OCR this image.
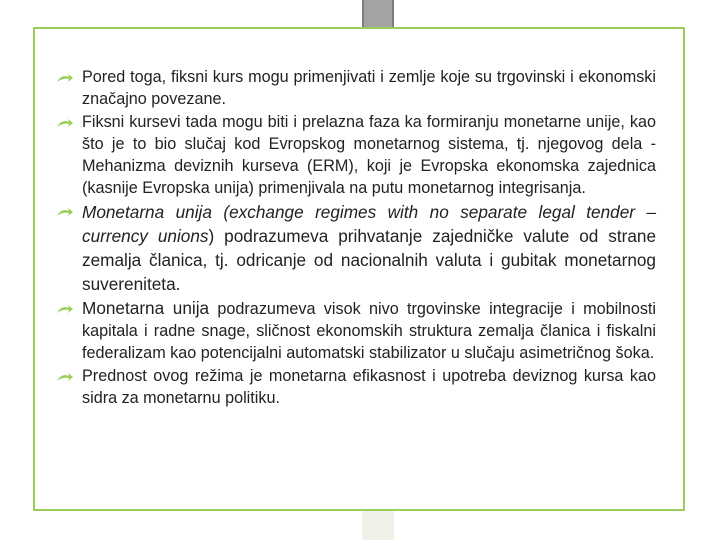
Pored toga, fiksni kurs mogu primenjivati i zemlje koje su trgovinski i ekonomski značajno povezane.

Fiksni kursevi tada mogu biti i prelazna faza ka formiranju monetarne unije, kao što je to bio slučaj kod Evropskog monetarnog sistema, tj. njegovog dela - Mehanizma deviznih kurseva (ERM), koji je Evropska ekonomska zajednica (kasnije Evropska unija) primenjivala na putu monetarnog integrisanja.

Monetarna unija (exchange regimes with no separate legal tender – currency unions) podrazumeva prihvatanje zajedničke valute od strane zemalja članica, tj. odricanje od nacionalnih valuta i gubitak monetarnog suvereniteta.

Monetarna unija podrazumeva visok nivo trgovinske integracije i mobilnosti kapitala i radne snage, sličnost ekonomskih struktura zemalja članica i fiskalni federalizam kao potencijalni automatski stabilizator u slučaju asimetričnog šoka.

Prednost ovog režima je monetarna efikasnost i upotreba deviznog kursa kao sidra za monetarnu politiku.
